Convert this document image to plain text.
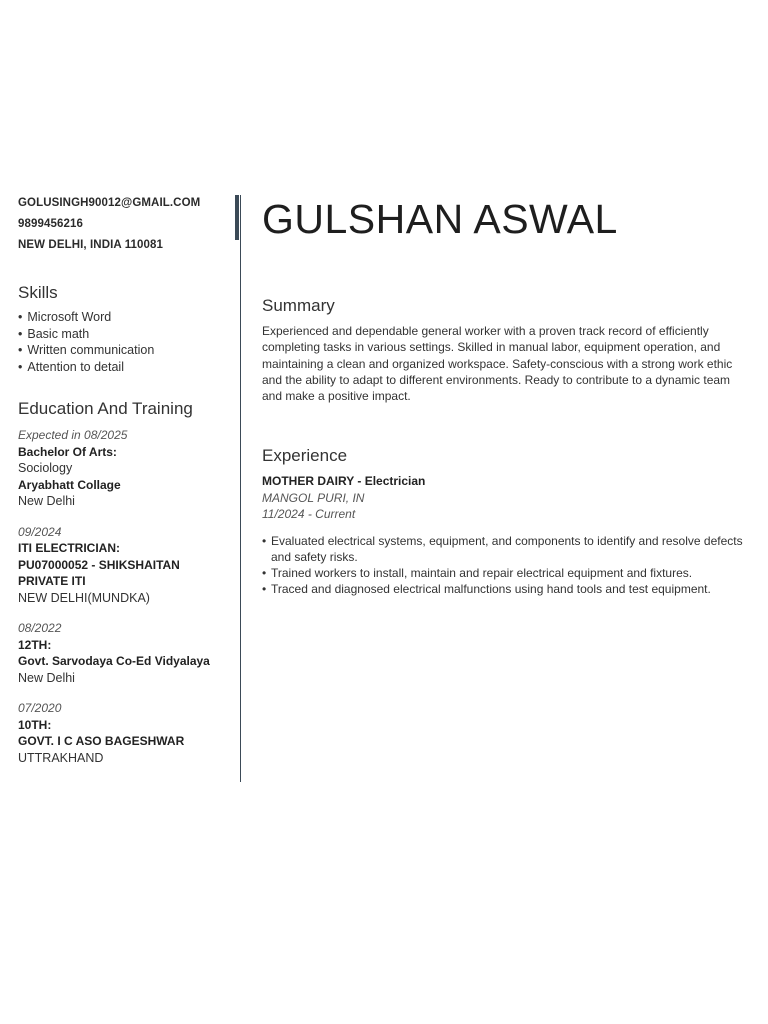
GOLUSINGH90012@GMAIL.COM
9899456216
NEW DELHI, INDIA 110081
Skills
• Microsoft Word
• Basic math
• Written communication
• Attention to detail
Education And Training
Expected in 08/2025
Bachelor Of Arts:
Sociology
Aryabhatt Collage
New Delhi
09/2024
ITI ELECTRICIAN:
PU07000052 - SHIKSHAITAN PRIVATE ITI
NEW DELHI(MUNDKA)
08/2022
12TH:
Govt. Sarvodaya Co-Ed Vidyalaya
New Delhi
07/2020
10TH:
GOVT. I C ASO BAGESHWAR
UTTRAKHAND
GULSHAN ASWAL
Summary

Experienced and dependable general worker with a proven track record of efficiently completing tasks in various settings. Skilled in manual labor, equipment operation, and maintaining a clean and organized workspace. Safety-conscious with a strong work ethic and the ability to adapt to different environments. Ready to contribute to a dynamic team and make a positive impact.

Experience
MOTHER DAIRY - Electrician
MANGOL PURI, IN
11/2024 - Current
• Evaluated electrical systems, equipment, and components to identify and resolve defects and safety risks.
• Trained workers to install, maintain and repair electrical equipment and fixtures.
• Traced and diagnosed electrical malfunctions using hand tools and test equipment.
